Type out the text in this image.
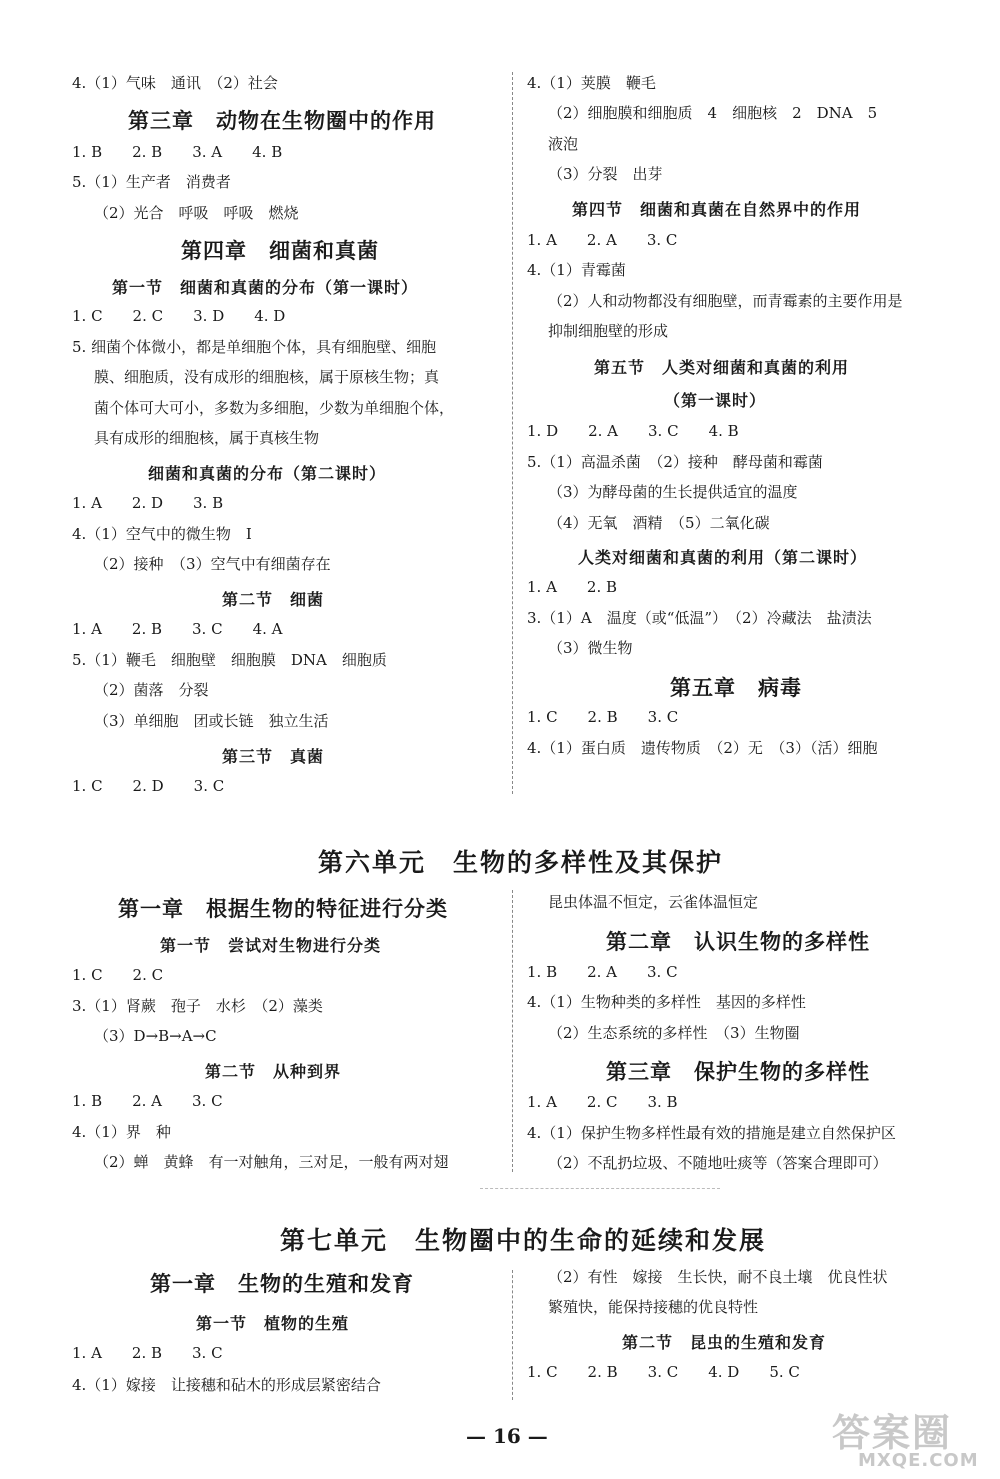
4.（1）气味　通讯　（2）社会
第三章　动物在生物圈中的作用
1. B　　2. B　　3. A　　4. B
5.（1）生产者　消费者
（2）光合　呼吸　呼吸　燃烧
第四章　细菌和真菌
第一节　细菌和真菌的分布（第一课时）
1. C　　2. C　　3. D　　4. D
5. 细菌个体微小，都是单细胞个体，具有细胞壁、细胞
膜、细胞质，没有成形的细胞核，属于原核生物；真
菌个体可大可小，多数为多细胞，少数为单细胞个体，
具有成形的细胞核，属于真核生物
细菌和真菌的分布（第二课时）
1. A　　2. D　　3. B
4.（1）空气中的微生物　Ⅰ
（2）接种　（3）空气中有细菌存在
第二节　细菌
1. A　　2. B　　3. C　　4. A
5.（1）鞭毛　细胞壁　细胞膜　DNA　细胞质
（2）菌落　分裂
（3）单细胞　团或长链　独立生活
第三节　真菌
1. C　　2. D　　3. C
4.（1）荚膜　鞭毛
（2）细胞膜和细胞质　4　细胞核　2　DNA　5
液泡
（3）分裂　出芽
第四节　细菌和真菌在自然界中的作用
1. A　　2. A　　3. C
4.（1）青霉菌
（2）人和动物都没有细胞壁，而青霉素的主要作用是
抑制细胞壁的形成
第五节　人类对细菌和真菌的利用
（第一课时）
1. D　　2. A　　3. C　　4. B
5.（1）高温杀菌　（2）接种　酵母菌和霉菌
（3）为酵母菌的生长提供适宜的温度
（4）无氧　酒精　（5）二氧化碳
人类对细菌和真菌的利用（第二课时）
1. A　　2. B
3.（1）A　温度（或“低温”）　（2）冷藏法　盐渍法
（3）微生物
第五章　病毒
1. C　　2. B　　3. C
4.（1）蛋白质　遗传物质　（2）无　（3）（活）细胞
第六单元　生物的多样性及其保护
第一章　根据生物的特征进行分类
第一节　尝试对生物进行分类
1. C　　2. C
3.（1）肾蕨　孢子　水杉　（2）藻类
（3）D→B→A→C
第二节　从种到界
1. B　　2. A　　3. C
4.（1）界　种
（2）蝉　黄蜂　有一对触角，三对足，一般有两对翅
昆虫体温不恒定，云雀体温恒定
第二章　认识生物的多样性
1. B　　2. A　　3. C
4.（1）生物种类的多样性　基因的多样性
（2）生态系统的多样性　（3）生物圈
第三章　保护生物的多样性
1. A　　2. C　　3. B
4.（1）保护生物多样性最有效的措施是建立自然保护区
（2）不乱扔垃圾、不随地吐痰等（答案合理即可）
第七单元　生物圈中的生命的延续和发展
第一章　生物的生殖和发育
第一节　植物的生殖
1. A　　2. B　　3. C
4.（1）嫁接　让接穗和砧木的形成层紧密结合
（2）有性　嫁接　生长快，耐不良土壤　优良性状
繁殖快，能保持接穗的优良特性
第二节　昆虫的生殖和发育
1. C　　2. B　　3. C　　4. D　　5. C
— 16 —	答案圈
MXQE.COM
